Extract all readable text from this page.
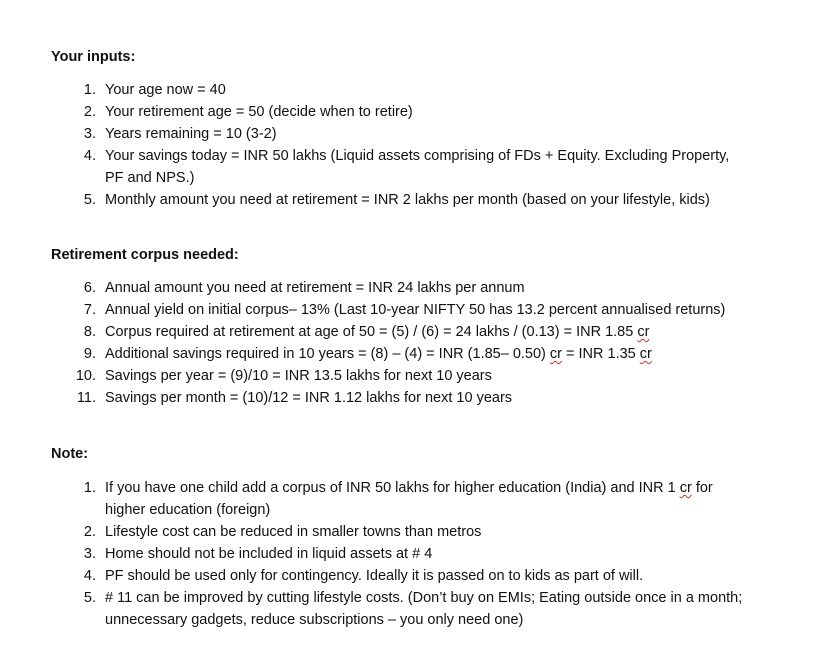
Your inputs:
1. Your age now = 40
2. Your retirement age = 50 (decide when to retire)
3. Years remaining = 10 (3-2)
4. Your savings today = INR 50 lakhs (Liquid assets comprising of FDs + Equity. Excluding Property, PF and NPS.)
5. Monthly amount you need at retirement = INR 2 lakhs per month (based on your lifestyle, kids)
Retirement corpus needed:
6. Annual amount you need at retirement = INR 24 lakhs per annum
7. Annual yield on initial corpus– 13% (Last 10-year NIFTY 50 has 13.2 percent annualised returns)
8. Corpus required at retirement at age of 50 = (5) / (6) = 24 lakhs / (0.13) = INR 1.85 cr
9. Additional savings required in 10 years = (8) – (4) = INR (1.85– 0.50) cr = INR 1.35 cr
10. Savings per year = (9)/10 = INR 13.5 lakhs for next 10 years
11. Savings per month = (10)/12 = INR 1.12 lakhs for next 10 years
Note:
1. If you have one child add a corpus of INR 50 lakhs for higher education (India) and INR 1 cr for higher education (foreign)
2. Lifestyle cost can be reduced in smaller towns than metros
3. Home should not be included in liquid assets at # 4
4. PF should be used only for contingency. Ideally it is passed on to kids as part of will.
5. # 11 can be improved by cutting lifestyle costs. (Don’t buy on EMIs; Eating outside once in a month; unnecessary gadgets, reduce subscriptions – you only need one)
